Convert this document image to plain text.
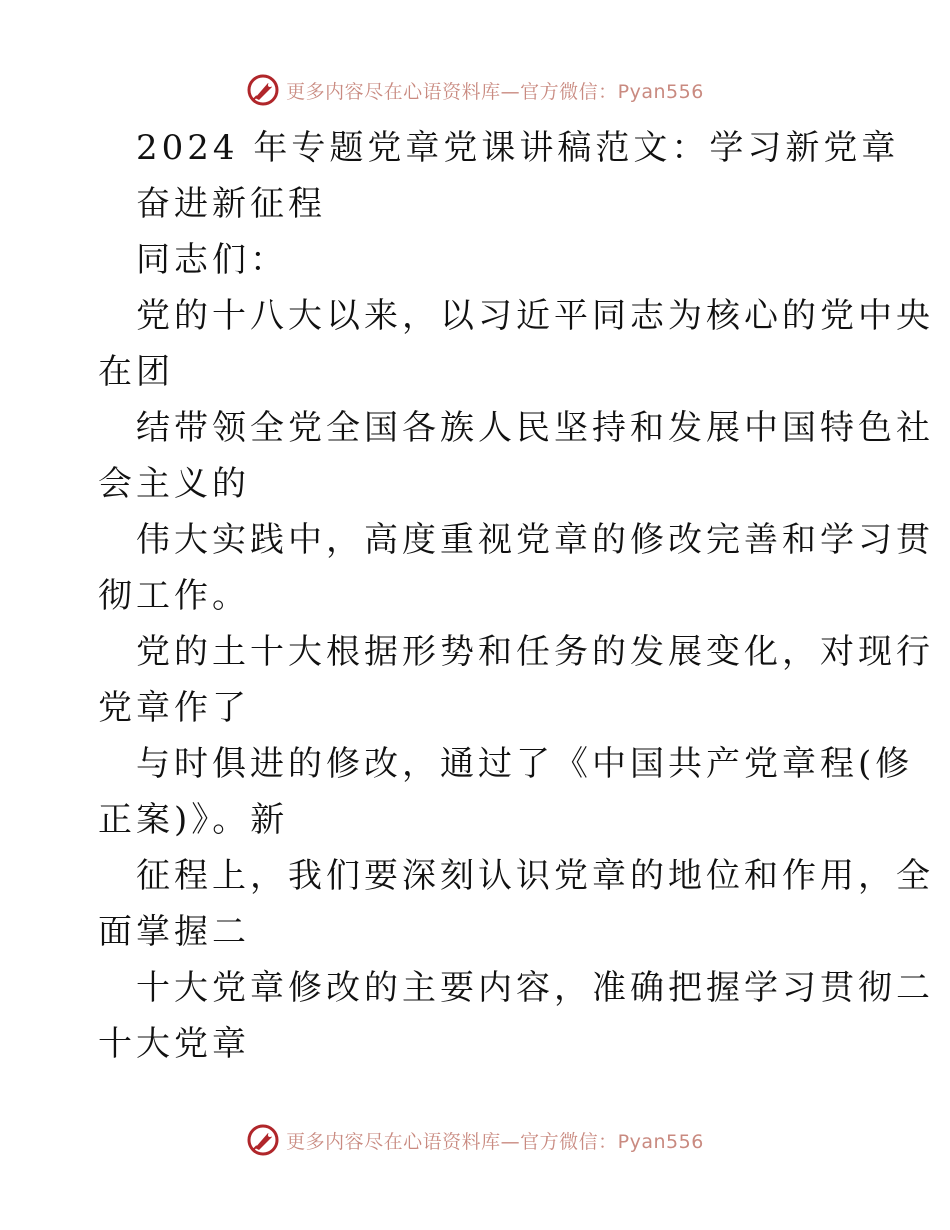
更多内容尽在心语资料库—官方微信：Pyan556
2024 年专题党章党课讲稿范文：学习新党章
奋进新征程
同志们：
党的十八大以来，以习近平同志为核心的党中央
在团
结带领全党全国各族人民坚持和发展中国特色社
会主义的
伟大实践中，高度重视党章的修改完善和学习贯
彻工作。
党的土十大根据形势和任务的发展变化，对现行
党章作了
与时俱进的修改，通过了《中国共产党章程(修
正案)》。新
征程上，我们要深刻认识党章的地位和作用，全
面掌握二
十大党章修改的主要内容，准确把握学习贯彻二
十大党章
更多内容尽在心语资料库—官方微信：Pyan556
